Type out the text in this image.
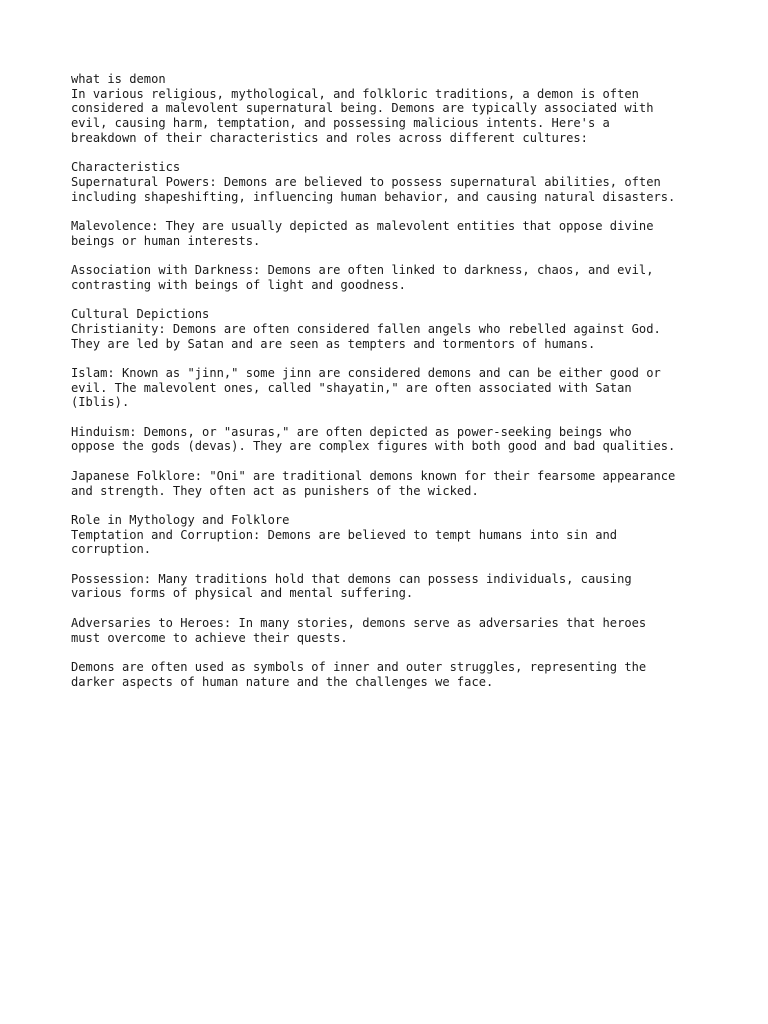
what is demon
In various religious, mythological, and folkloric traditions, a demon is often
considered a malevolent supernatural being. Demons are typically associated with
evil, causing harm, temptation, and possessing malicious intents. Here's a
breakdown of their characteristics and roles across different cultures:
Characteristics
Supernatural Powers: Demons are believed to possess supernatural abilities, often
including shapeshifting, influencing human behavior, and causing natural disasters.
Malevolence: They are usually depicted as malevolent entities that oppose divine
beings or human interests.
Association with Darkness: Demons are often linked to darkness, chaos, and evil,
contrasting with beings of light and goodness.
Cultural Depictions
Christianity: Demons are often considered fallen angels who rebelled against God.
They are led by Satan and are seen as tempters and tormentors of humans.
Islam: Known as "jinn," some jinn are considered demons and can be either good or
evil. The malevolent ones, called "shayatin," are often associated with Satan
(Iblis).
Hinduism: Demons, or "asuras," are often depicted as power-seeking beings who
oppose the gods (devas). They are complex figures with both good and bad qualities.
Japanese Folklore: "Oni" are traditional demons known for their fearsome appearance
and strength. They often act as punishers of the wicked.
Role in Mythology and Folklore
Temptation and Corruption: Demons are believed to tempt humans into sin and
corruption.
Possession: Many traditions hold that demons can possess individuals, causing
various forms of physical and mental suffering.
Adversaries to Heroes: In many stories, demons serve as adversaries that heroes
must overcome to achieve their quests.
Demons are often used as symbols of inner and outer struggles, representing the
darker aspects of human nature and the challenges we face.
